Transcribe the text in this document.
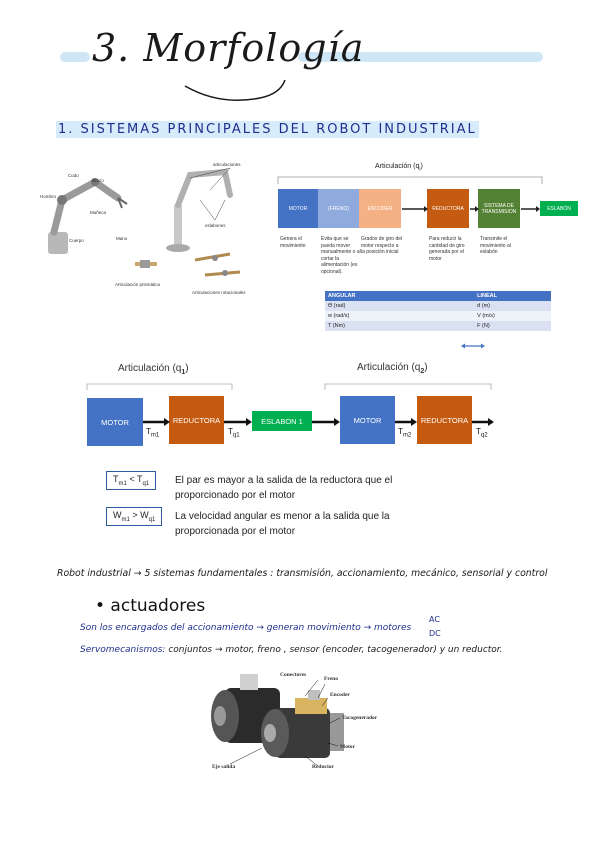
3. Morfología
1. SISTEMAS PRINCIPALES DEL ROBOT INDUSTRIAL
Codo
Brazo
Hombro
Muñeca
Mano
Cuerpo
articulaciones
eslabones
Articulación prismática
Articulaciones rotacionales
Articulación $(q_i)$
MOTOR	(FRENO)	ENCODER	REDUCTORA	SISTEMA DE TRANSMISION	ESLABÓN
Genera el movimiento
Evita que se pueda mover manualmente o al cortar la alimentación (es opcional).
Grados de giro del motor respecto a la posición inicial
Para reducir la cantidad de giro generada por el motor
Transmite el movimiento al eslabón
ANGULAR	LINEAL
Θ (rad)	d (m)
w (rad/s)	V (m/s)
T (Nm)	F (N)
Articulación $(q_1)$	Articulación $(q_2)$
MOTOR	REDUCTORA	ESLABON 1	MOTOR	REDUCTORA
$T_{m1}$	$T_{q1}$	$T_{m2}$	$T_{q2}$
$T_{m1} < T_{q1}$	El par es mayor a la salida de la reductora que el proporcionado por el motor
$W_{m1} > W_{q1}$	La velocidad angular es menor a la salida que la proporcionada por el motor
Robot industrial → 5 sistemas fundamentales : transmisión, accionamiento, mecánico, sensorial y control
• actuadores
Son los encargados del accionamiento → generan movimiento → motores
AC
DC
Servomecanismos: conjuntos → motor, freno , sensor (encoder, tacogenerador) y un reductor.
Conectores
Freno
Encoder
Tacogenerador
Motor
Reductor
Eje salida
